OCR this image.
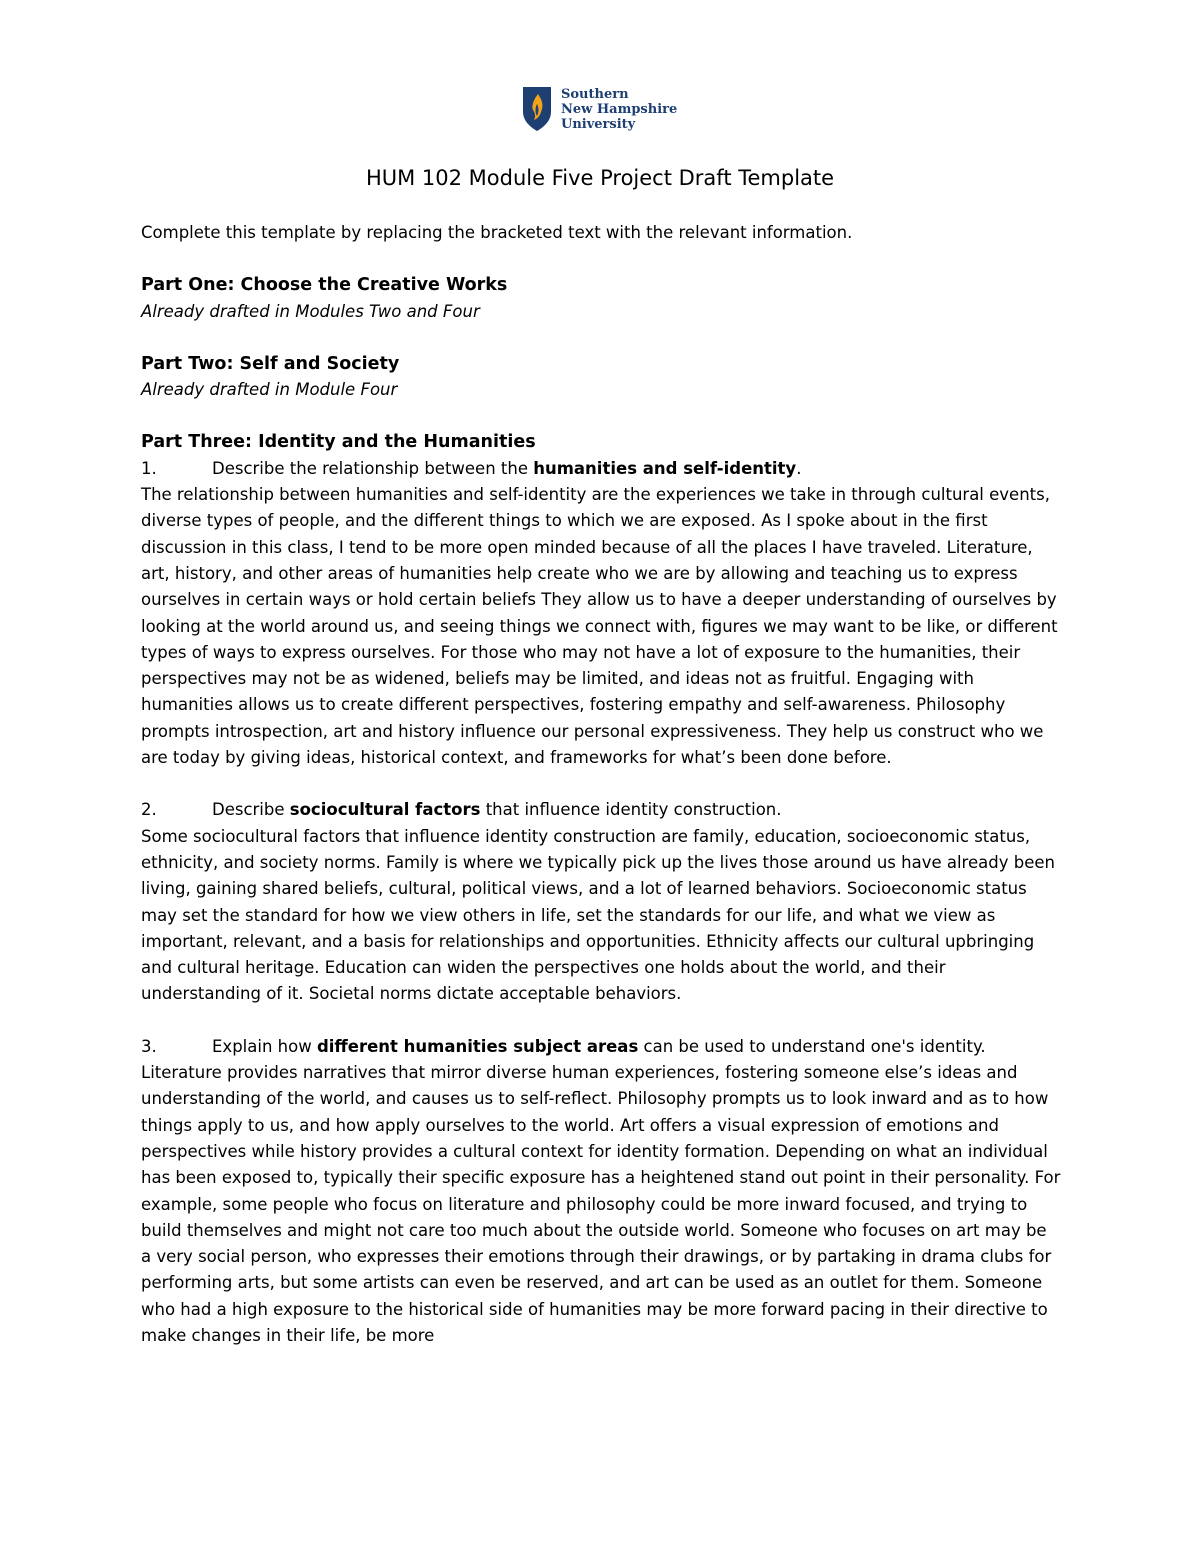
Southern
New Hampshire
University
HUM 102 Module Five Project Draft Template

Complete this template by replacing the bracketed text with the relevant information.

Part One: Choose the Creative Works

Already drafted in Modules Two and Four

Part Two: Self and Society

Already drafted in Module Four

Part Three: Identity and the Humanities

1.	Describe the relationship between the humanities and self-identity.

The relationship between humanities and self-identity are the experiences we take in through cultural events, diverse types of people, and the different things to which we are exposed. As I spoke about in the first discussion in this class, I tend to be more open minded because of all the places I have traveled. Literature, art, history, and other areas of humanities help create who we are by allowing and teaching us to express ourselves in certain ways or hold certain beliefs They allow us to have a deeper understanding of ourselves by looking at the world around us, and seeing things we connect with, figures we may want to be like, or different types of ways to express ourselves. For those who may not have a lot of exposure to the humanities, their perspectives may not be as widened, beliefs may be limited, and ideas not as fruitful. Engaging with humanities allows us to create different perspectives, fostering empathy and self-awareness. Philosophy prompts introspection, art and history influence our personal expressiveness. They help us construct who we are today by giving ideas, historical context, and frameworks for what’s been done before.

2.	Describe sociocultural factors that influence identity construction.

Some sociocultural factors that influence identity construction are family, education, socioeconomic status, ethnicity, and society norms. Family is where we typically pick up the lives those around us have already been living, gaining shared beliefs, cultural, political views, and a lot of learned behaviors. Socioeconomic status may set the standard for how we view others in life, set the standards for our life, and what we view as important, relevant, and a basis for relationships and opportunities. Ethnicity affects our cultural upbringing and cultural heritage. Education can widen the perspectives one holds about the world, and their understanding of it. Societal norms dictate acceptable behaviors.

3.	Explain how different humanities subject areas can be used to understand one's identity.

Literature provides narratives that mirror diverse human experiences, fostering someone else’s ideas and understanding of the world, and causes us to self-reflect. Philosophy prompts us to look inward and as to how things apply to us, and how apply ourselves to the world. Art offers a visual expression of emotions and perspectives while history provides a cultural context for identity formation. Depending on what an individual has been exposed to, typically their specific exposure has a heightened stand out point in their personality. For example, some people who focus on literature and philosophy could be more inward focused, and trying to build themselves and might not care too much about the outside world. Someone who focuses on art may be a very social person, who expresses their emotions through their drawings, or by partaking in drama clubs for performing arts, but some artists can even be reserved, and art can be used as an outlet for them. Someone who had a high exposure to the historical side of humanities may be more forward pacing in their directive to make changes in their life, be more
